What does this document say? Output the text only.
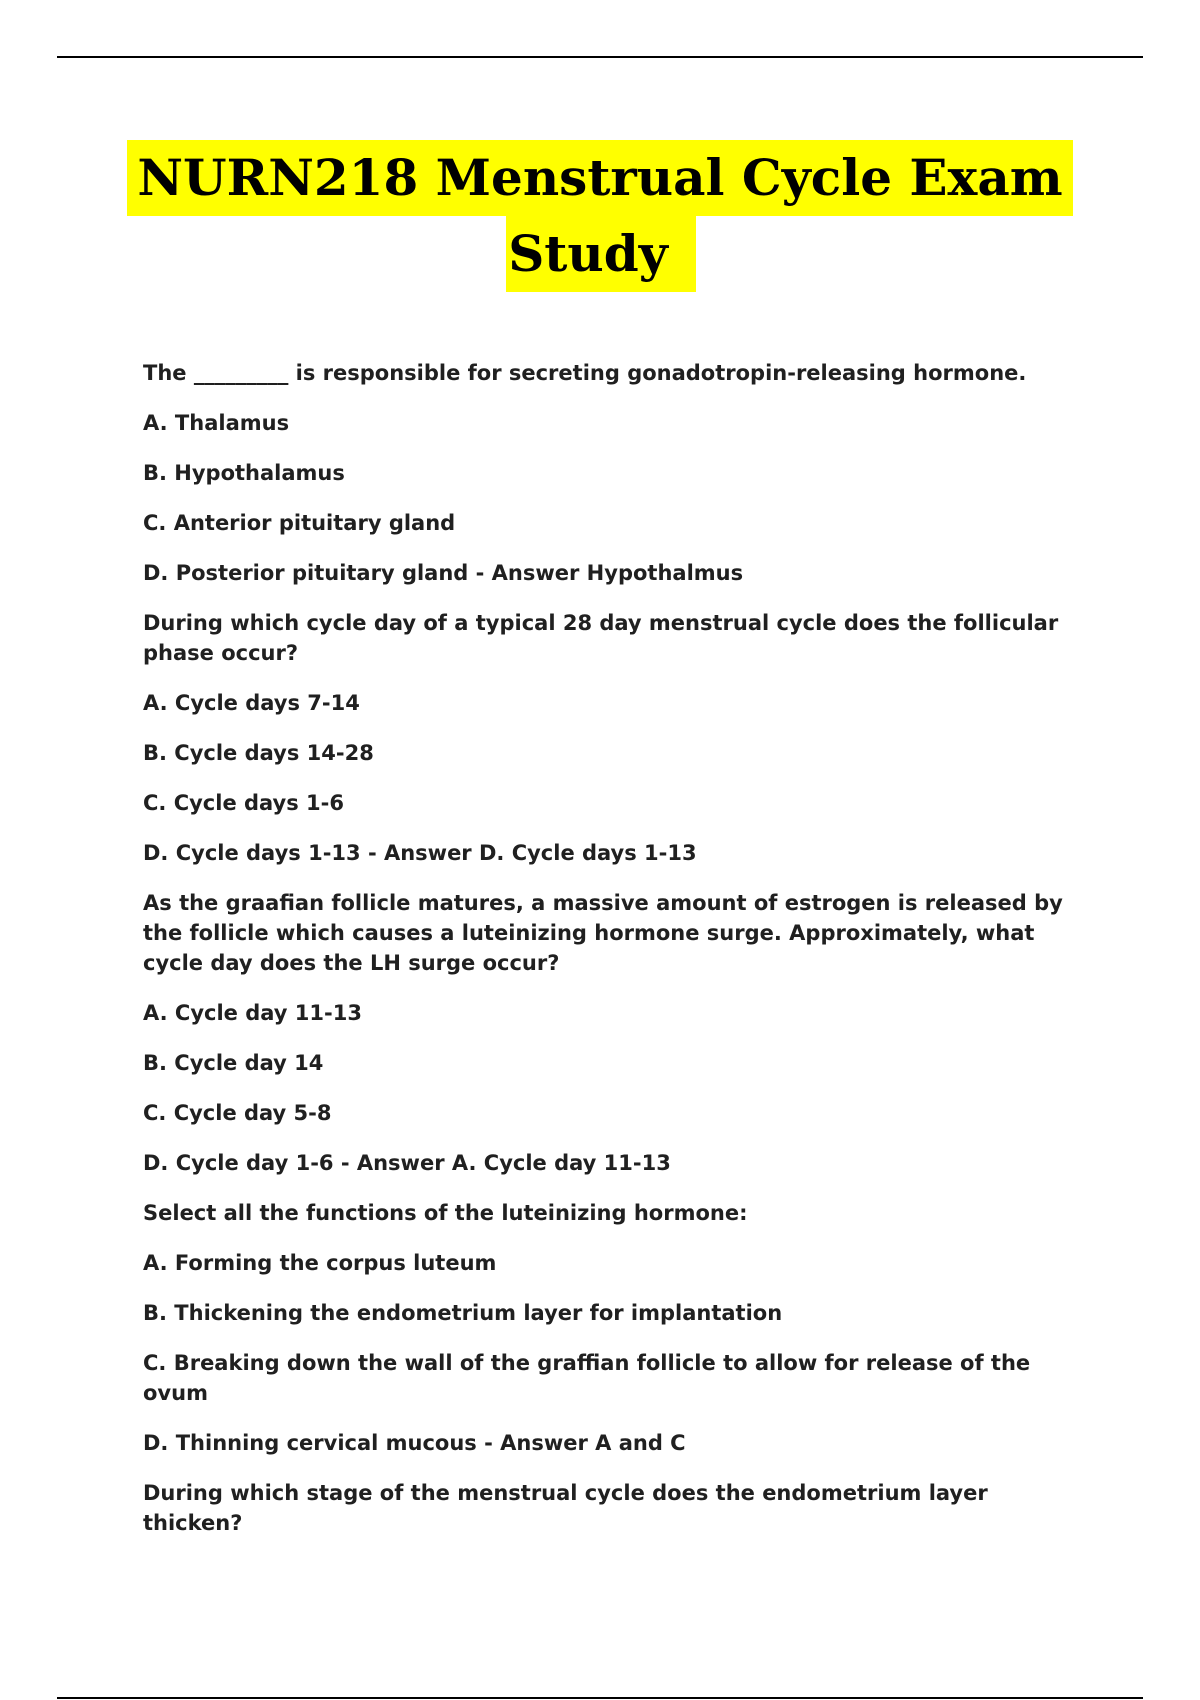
NURN218 Menstrual Cycle Exam
Study

The _________ is responsible for secreting gonadotropin-releasing hormone.

A. Thalamus

B. Hypothalamus

C. Anterior pituitary gland

D. Posterior pituitary gland - Answer Hypothalmus

During which cycle day of a typical 28 day menstrual cycle does the follicular phase occur?

A. Cycle days 7-14

B. Cycle days 14-28

C. Cycle days 1-6

D. Cycle days 1-13 - Answer D. Cycle days 1-13

As the graafian follicle matures, a massive amount of estrogen is released by the follicle which causes a luteinizing hormone surge. Approximately, what cycle day does the LH surge occur?

A. Cycle day 11-13

B. Cycle day 14

C. Cycle day 5-8

D. Cycle day 1-6 - Answer A. Cycle day 11-13

Select all the functions of the luteinizing hormone:

A. Forming the corpus luteum

B. Thickening the endometrium layer for implantation

C. Breaking down the wall of the graffian follicle to allow for release of the ovum

D. Thinning cervical mucous - Answer A and C

During which stage of the menstrual cycle does the endometrium layer thicken?
